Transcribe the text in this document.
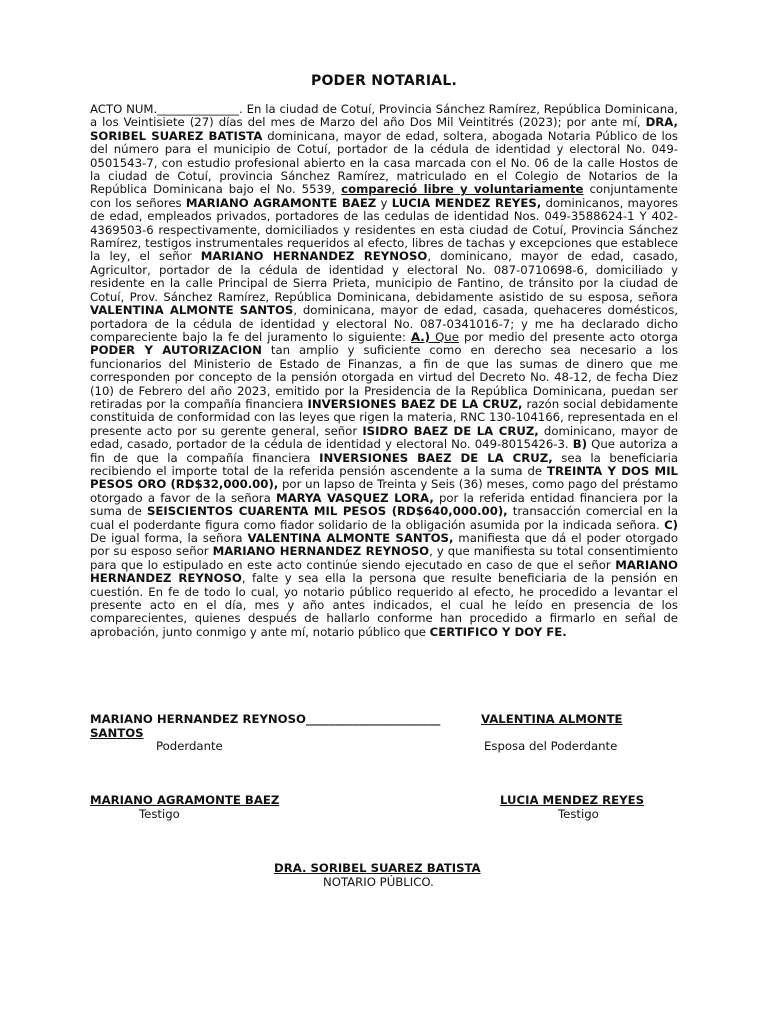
PODER NOTARIAL.
ACTO NUM.______________. En la ciudad de Cotuí, Provincia Sánchez Ramírez, República Dominicana, a los Veintisiete (27) días del mes de Marzo del año Dos Mil Veintitrés (2023); por ante mí, DRA, SORIBEL SUAREZ BATISTA dominicana, mayor de edad, soltera, abogada Notaria Público de los del número para el municipio de Cotuí, portador de la cédula de identidad y electoral No. 049-0501543-7, con estudio profesional abierto en la casa marcada con el No. 06 de la calle Hostos de la ciudad de Cotuí, provincia Sánchez Ramírez, matriculado en el Colegio de Notarios de la República Dominicana bajo el No. 5539, compareció libre y voluntariamente conjuntamente con los señores MARIANO AGRAMONTE BAEZ y LUCIA MENDEZ REYES, dominicanos, mayores de edad, empleados privados, portadores de las cedulas de identidad Nos. 049-3588624-1 Y 402-4369503-6 respectivamente, domiciliados y residentes en esta ciudad de Cotuí, Provincia Sánchez Ramírez, testigos instrumentales requeridos al efecto, libres de tachas y excepciones que establece la ley, el señor MARIANO HERNANDEZ REYNOSO, dominicano, mayor de edad, casado, Agricultor, portador de la cédula de identidad y electoral No. 087-0710698-6, domiciliado y residente en la calle Principal de Sierra Prieta, municipio de Fantino, de tránsito por la ciudad de Cotuí, Prov. Sánchez Ramírez, República Dominicana, debidamente asistido de su esposa, señora VALENTINA ALMONTE SANTOS, dominicana, mayor de edad, casada, quehaceres domésticos, portadora de la cédula de identidad y electoral No. 087-0341016-7; y me ha declarado dicho compareciente bajo la fe del juramento lo siguiente: A.) Que por medio del presente acto otorga PODER Y AUTORIZACION tan amplio y suficiente como en derecho sea necesario a los funcionarios del Ministerio de Estado de Finanzas, a fin de que las sumas de dinero que me corresponden por concepto de la pensión otorgada en virtud del Decreto No. 48-12, de fecha Diez (10) de Febrero del año 2023, emitido por la Presidencia de la República Dominicana, puedan ser retiradas por la compañía financiera INVERSIONES BAEZ DE LA CRUZ, razón social debidamente constituida de conformidad con las leyes que rigen la materia, RNC 130-104166, representada en el presente acto por su gerente general, señor ISIDRO BAEZ DE LA CRUZ, dominicano, mayor de edad, casado, portador de la cédula de identidad y electoral No. 049-8015426-3. B) Que autoriza a fin de que la compañía financiera INVERSIONES BAEZ DE LA CRUZ, sea la beneficiaria recibiendo el importe total de la referida pensión ascendente a la suma de TREINTA Y DOS MIL PESOS ORO (RD$32,000.00), por un lapso de Treinta y Seis (36) meses, como pago del préstamo otorgado a favor de la señora MARYA VASQUEZ LORA, por la referida entidad financiera por la suma de SEISCIENTOS CUARENTA MIL PESOS (RD$640,000.00), transacción comercial en la cual el poderdante figura como fiador solidario de la obligación asumida por la indicada señora. C) De igual forma, la señora VALENTINA ALMONTE SANTOS, manifiesta que dá el poder otorgado por su esposo señor MARIANO HERNANDEZ REYNOSO, y que manifiesta su total consentimiento para que lo estipulado en este acto continúe siendo ejecutado en caso de que el señor MARIANO HERNANDEZ REYNOSO, falte y sea ella la persona que resulte beneficiaria de la pensión en cuestión. En fe de todo lo cual, yo notario público requerido al efecto, he procedido a levantar el presente acto en el día, mes y año antes indicados, el cual he leído en presencia de los comparecientes, quienes después de hallarlo conforme han procedido a firmarlo en señal de aprobación, junto conmigo y ante mí, notario público que CERTIFICO Y DOY FE.
MARIANO HERNANDEZ REYNOSO_______________________	VALENTINA ALMONTE
SANTOS
Poderdante	Esposa del Poderdante
MARIANO AGRAMONTE BAEZ
Testigo
LUCIA MENDEZ REYES
Testigo
DRA. SORIBEL SUAREZ BATISTA
NOTARIO PÚBLICO.
